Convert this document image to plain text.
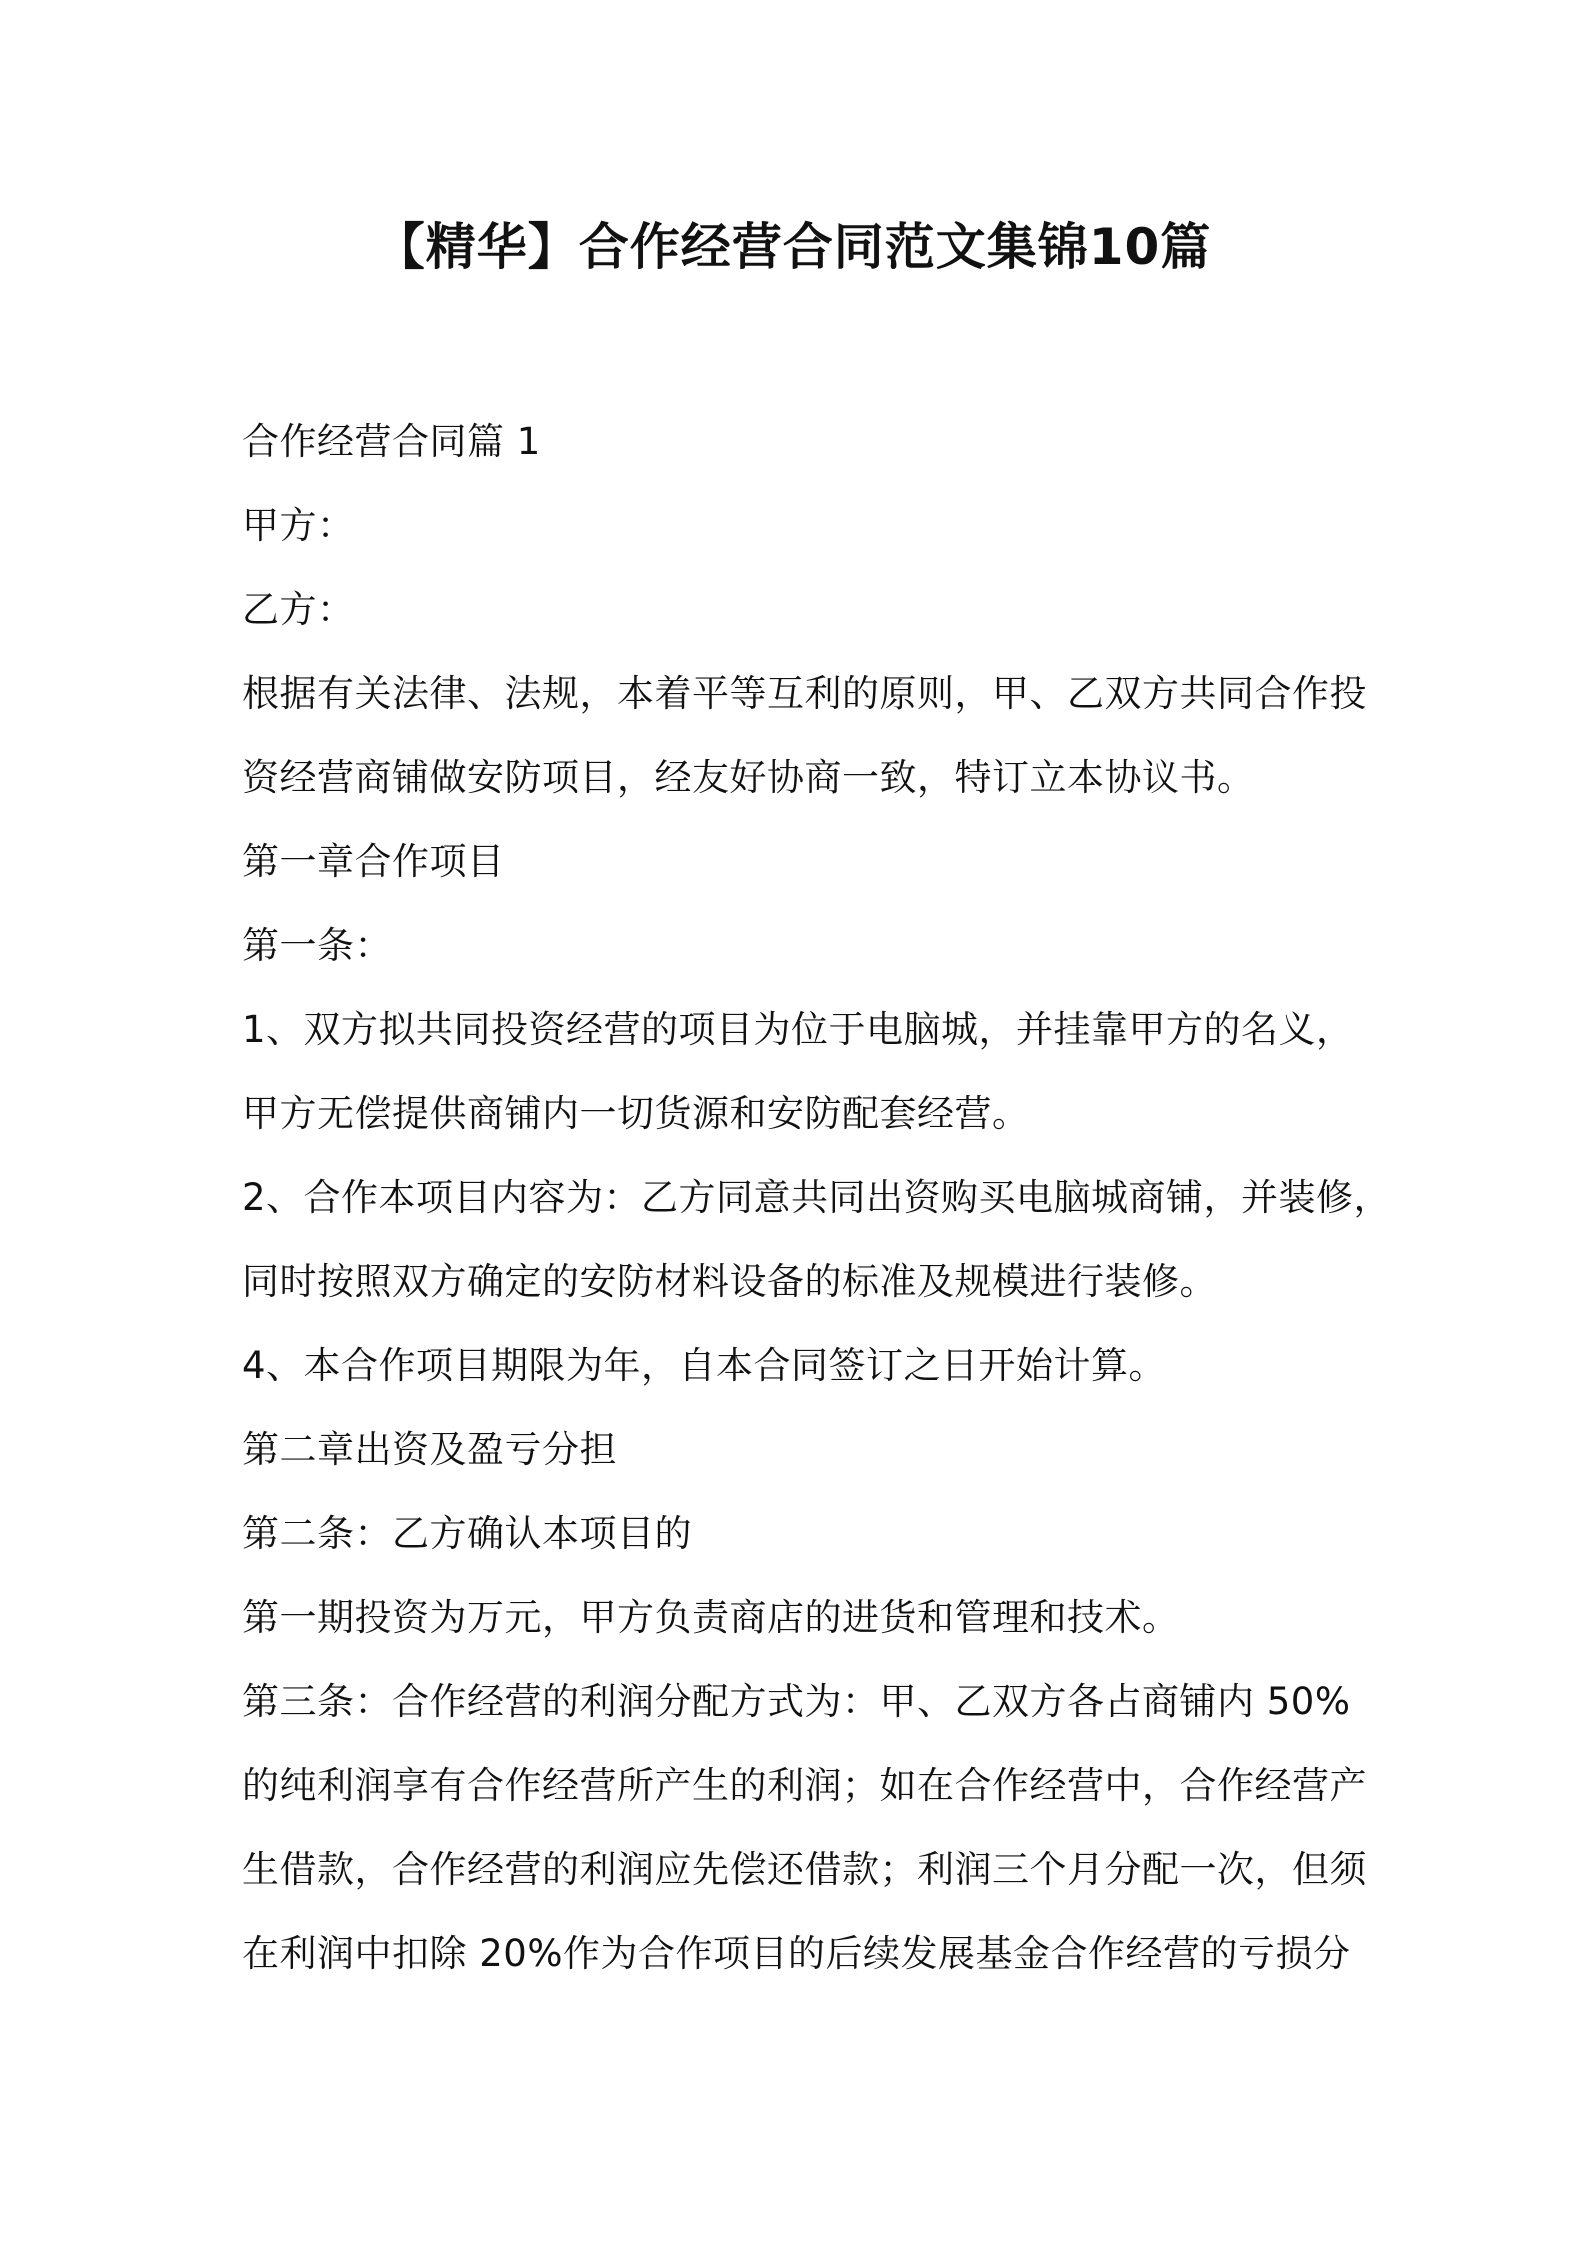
【精华】合作经营合同范文集锦10篇
合作经营合同篇 1
甲方：
乙方：
根据有关法律、法规，本着平等互利的原则，甲、乙双方共同合作投
资经营商铺做安防项目，经友好协商一致，特订立本协议书。
第一章合作项目
第一条：
1、双方拟共同投资经营的项目为位于电脑城，并挂靠甲方的名义，
甲方无偿提供商铺内一切货源和安防配套经营。
2、合作本项目内容为：乙方同意共同出资购买电脑城商铺，并装修，
同时按照双方确定的安防材料设备的标准及规模进行装修。
4、本合作项目期限为年，自本合同签订之日开始计算。
第二章出资及盈亏分担
第二条：乙方确认本项目的
第一期投资为万元，甲方负责商店的进货和管理和技术。
第三条：合作经营的利润分配方式为：甲、乙双方各占商铺内 50%
的纯利润享有合作经营所产生的利润；如在合作经营中，合作经营产
生借款，合作经营的利润应先偿还借款；利润三个月分配一次，但须
在利润中扣除 20%作为合作项目的后续发展基金合作经营的亏损分
